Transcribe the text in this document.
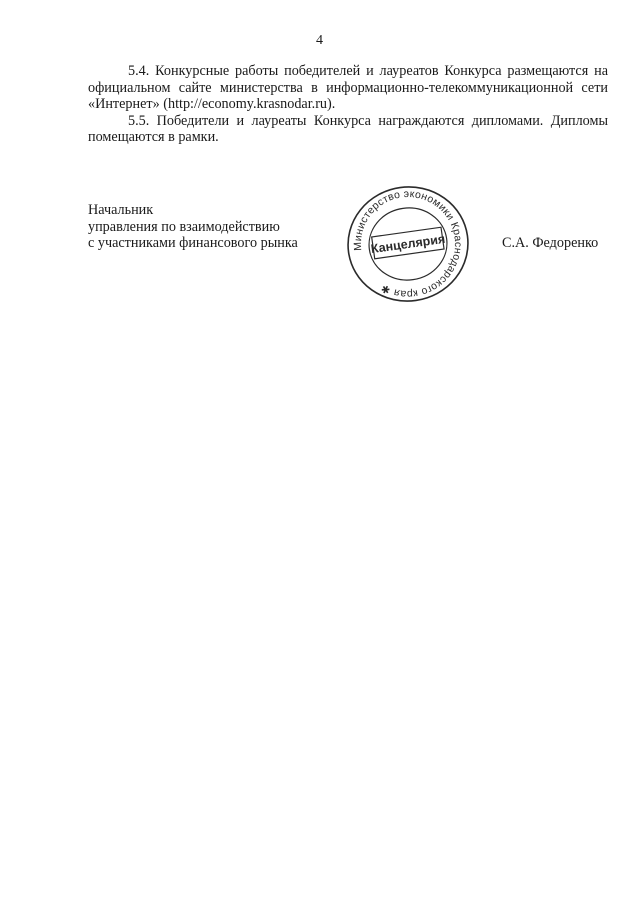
4

5.4. Конкурсные работы победителей и лауреатов Конкурса размещаются на официальном сайте министерства в информационно-телекоммуникационной сети «Интернет» (http://economy.krasnodar.ru).

5.5. Победители и лауреаты Конкурса награждаются дипломами. Дипломы помещаются в рамки.

Начальник
управления по взаимодействию
с участниками финансового рынка	Министерство экономики Краснодарского края ✱
Канцелярия	С.А. Федоренко
